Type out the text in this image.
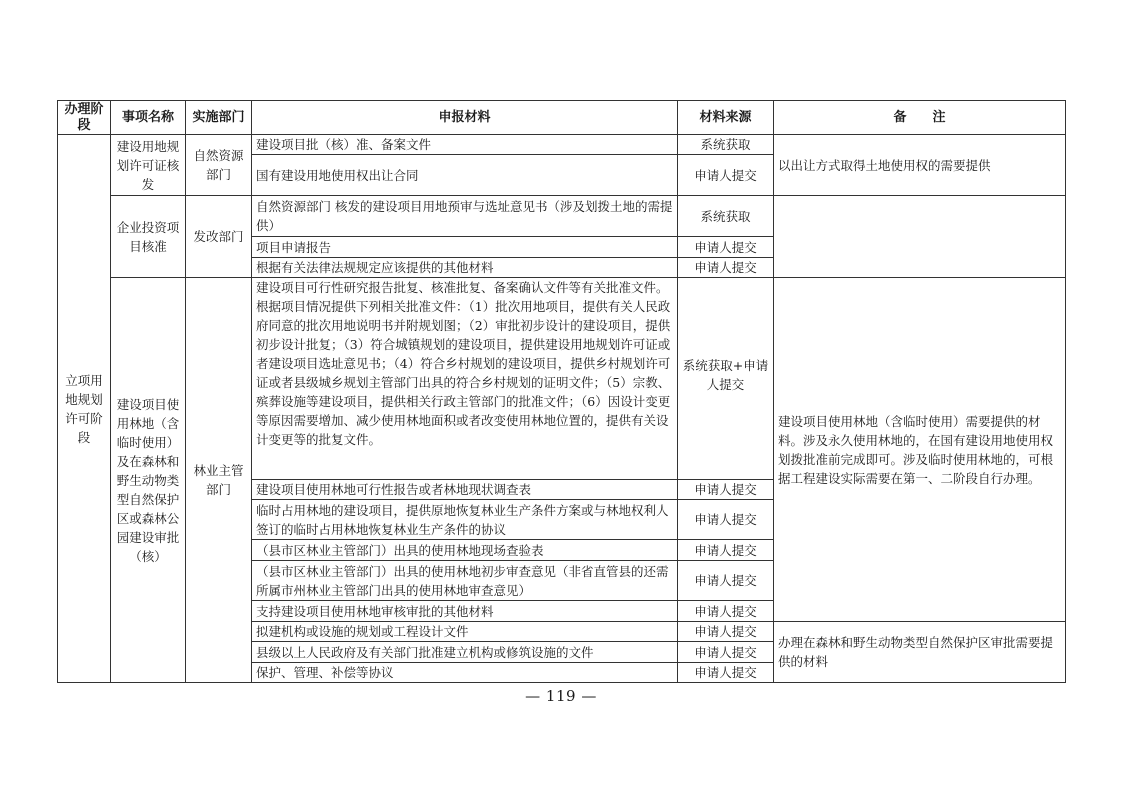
办理阶段	事项名称	实施部门	申报材料	材料来源	备　　注
立项用地规划许可阶段	建设用地规划许可证核发	自然资源部门	建设项目批（核）准、备案文件	系统获取	以出让方式取得土地使用权的需要提供
			国有建设用地使用权出让合同	申请人提交	
	企业投资项目核准	发改部门	自然资源部门 核发的建设项目用地预审与选址意见书（涉及划拨土地的需提供）	系统获取	
			项目申请报告	申请人提交	
			根据有关法律法规规定应该提供的其他材料	申请人提交	
	建设项目使用林地（含临时使用）及在森林和野生动物类型自然保护区或森林公园建设审批（核）	林业主管部门	建设项目可行性研究报告批复、核准批复、备案确认文件等有关批准文件。根据项目情况提供下列相关批准文件：（1）批次用地项目，提供有关人民政府同意的批次用地说明书并附规划图；（2）审批初步设计的建设项目，提供初步设计批复；（3）符合城镇规划的建设项目，提供建设用地规划许可证或者建设项目选址意见书；（4）符合乡村规划的建设项目，提供乡村规划许可证或者县级城乡规划主管部门出具的符合乡村规划的证明文件；（5）宗教、殡葬设施等建设项目，提供相关行政主管部门的批准文件；（6）因设计变更等原因需要增加、减少使用林地面积或者改变使用林地位置的，提供有关设计变更等的批复文件。	系统获取+申请人提交	建设项目使用林地（含临时使用）需要提供的材料。涉及永久使用林地的，在国有建设用地使用权划拨批准前完成即可。涉及临时使用林地的，可根据工程建设实际需要在第一、二阶段自行办理。
			建设项目使用林地可行性报告或者林地现状调查表	申请人提交	
			临时占用林地的建设项目，提供原地恢复林业生产条件方案或与林地权利人签订的临时占用林地恢复林业生产条件的协议	申请人提交	
			（县市区林业主管部门）出具的使用林地现场查验表	申请人提交	
			（县市区林业主管部门）出具的使用林地初步审查意见（非省直管县的还需所属市州林业主管部门出具的使用林地审查意见）	申请人提交	
			支持建设项目使用林地审核审批的其他材料	申请人提交	
			拟建机构或设施的规划或工程设计文件	申请人提交	办理在森林和野生动物类型自然保护区审批需要提供的材料
			县级以上人民政府及有关部门批准建立机构或修筑设施的文件	申请人提交	
			保护、管理、补偿等协议	申请人提交	
— 119 —
